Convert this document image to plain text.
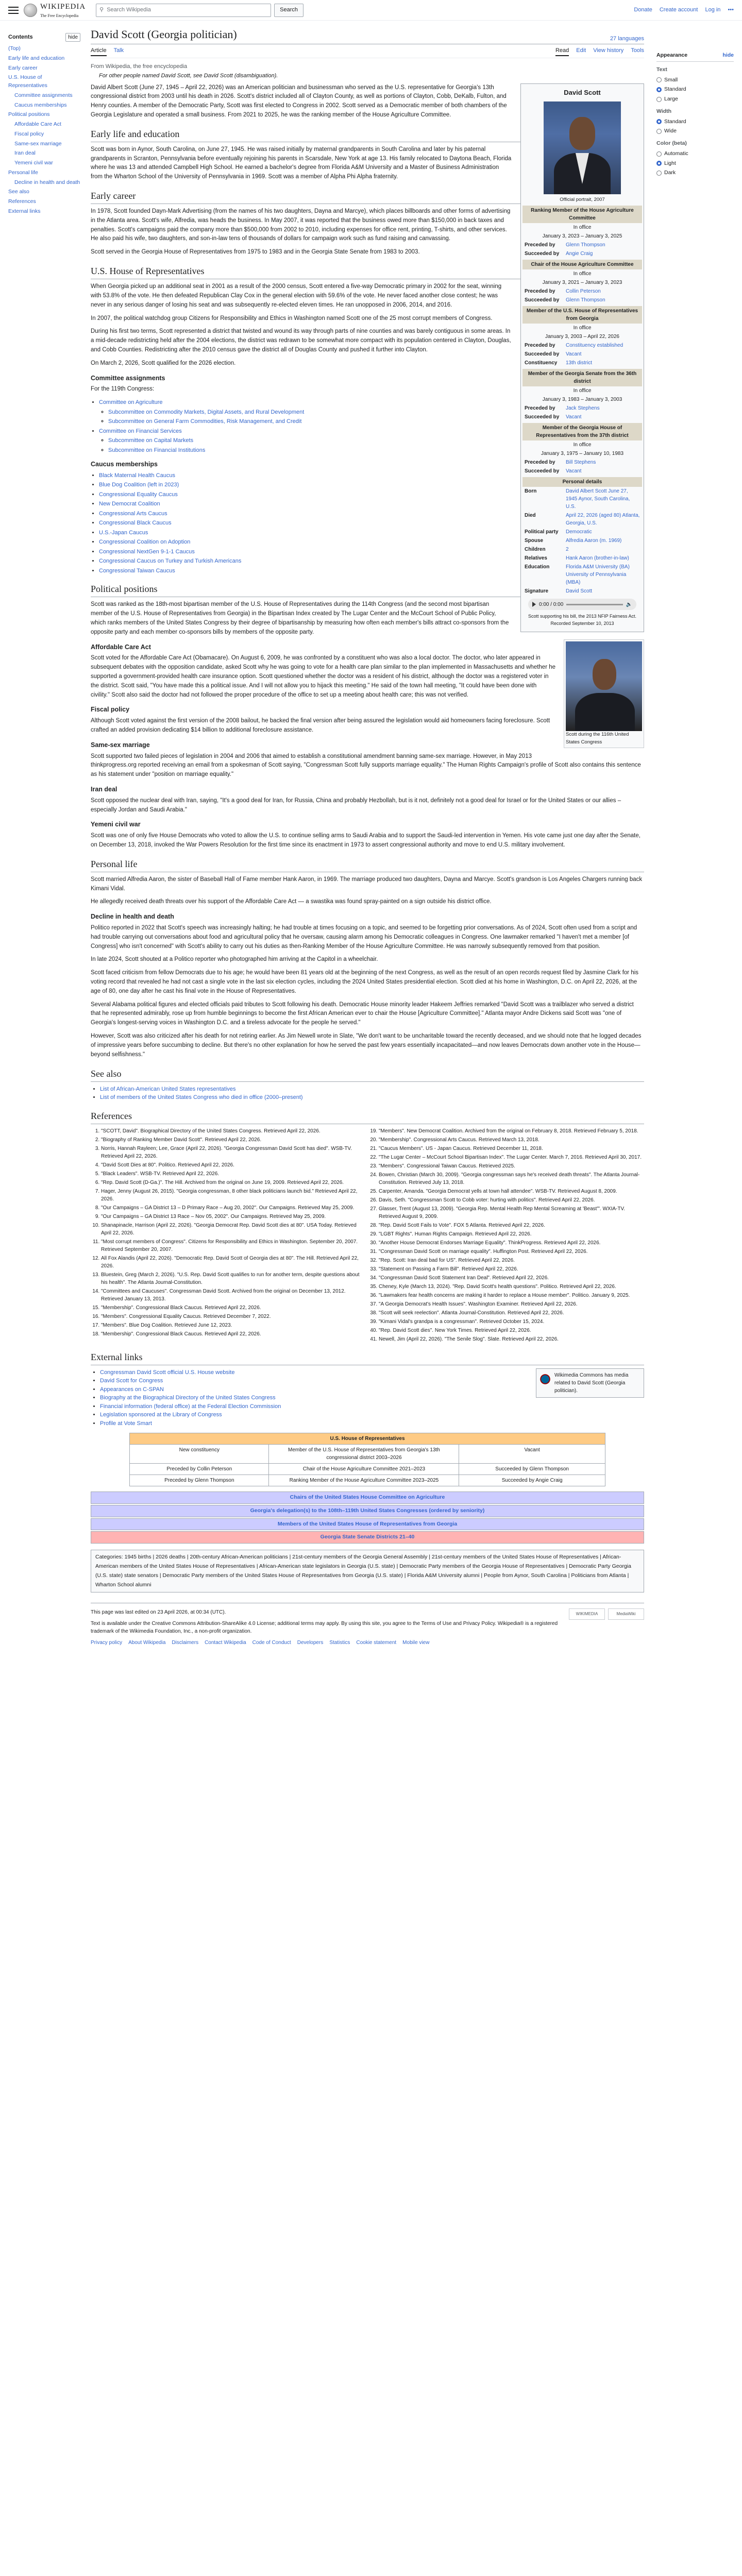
WIKIPEDIA
The Free Encyclopedia
⚲ Search Wikipedia	Search	Donate Create account Log in •••
Contents	hide
(Top)
Early life and education
Early career
U.S. House of Representatives
Committee assignments
Caucus memberships
Political positions
Affordable Care Act
Fiscal policy
Same-sex marriage
Iran deal
Yemeni civil war
Personal life
Decline in health and death
See also
References
External links
David Scott (Georgia politician)	27 languages
Article Talk	Read Edit View history Tools
From Wikipedia, the free encyclopedia
For other people named David Scott, see David Scott (disambiguation).
David Scott
Official portrait, 2007
Ranking Member of the House Agriculture Committee
In office
January 3, 2023 – January 3, 2025
Preceded by	Glenn Thompson
Succeeded by	Angie Craig
Chair of the House Agriculture Committee
In office
January 3, 2021 – January 3, 2023
Preceded by	Collin Peterson
Succeeded by	Glenn Thompson
Member of the U.S. House of Representatives from Georgia
In office
January 3, 2003 – April 22, 2026
Preceded by	Constituency established
Succeeded by	Vacant
Constituency	13th district
Member of the Georgia Senate from the 36th district
In office
January 3, 1983 – January 3, 2003
Preceded by	Jack Stephens
Succeeded by	Vacant
Member of the Georgia House of Representatives from the 37th district
In office
January 3, 1975 – January 10, 1983
Preceded by	Bill Stephens
Succeeded by	Vacant
Personal details
Born	David Albert Scott June 27, 1945 Aynor, South Carolina, U.S.
Died	April 22, 2026 (aged 80) Atlanta, Georgia, U.S.
Political party	Democratic
Spouse	Alfredia Aaron (m. 1969)
Children	2
Relatives	Hank Aaron (brother-in-law)
Education	Florida A&M University (BA) University of Pennsylvania (MBA)
Signature	David Scott
0:00 / 0:00	🔈
Scott supporting his bill, the 2013 NFIP Fairness Act. Recorded September 10, 2013

David Albert Scott (June 27, 1945 – April 22, 2026) was an American politician and businessman who served as the U.S. representative for Georgia's 13th congressional district from 2003 until his death in 2026. Scott's district included all of Clayton County, as well as portions of Clayton, Cobb, DeKalb, Fulton, and Henry counties. A member of the Democratic Party, Scott was first elected to Congress in 2002. Scott served as a Democratic member of both chambers of the Georgia Legislature and operated a small business. From 2021 to 2025, he was the ranking member of the House Agriculture Committee.

Early life and education

Scott was born in Aynor, South Carolina, on June 27, 1945. He was raised initially by maternal grandparents in South Carolina and later by his paternal grandparents in Scranton, Pennsylvania before eventually rejoining his parents in Scarsdale, New York at age 13. His family relocated to Daytona Beach, Florida where he was 13 and attended Campbell High School. He earned a bachelor's degree from Florida A&M University and a Master of Business Administration from the Wharton School of the University of Pennsylvania in 1969. Scott was a member of Alpha Phi Alpha fraternity.

Early career

In 1978, Scott founded Dayn-Mark Advertising (from the names of his two daughters, Dayna and Marcye), which places billboards and other forms of advertising in the Atlanta area. Scott's wife, Alfredia, was heads the business. In May 2007, it was reported that the business owed more than $150,000 in back taxes and penalties. Scott's campaigns paid the company more than $500,000 from 2002 to 2010, including expenses for office rent, printing, T-shirts, and other services. He also paid his wife, two daughters, and son-in-law tens of thousands of dollars for campaign work such as fund raising and canvassing.

Scott served in the Georgia House of Representatives from 1975 to 1983 and in the Georgia State Senate from 1983 to 2003.

U.S. House of Representatives

When Georgia picked up an additional seat in 2001 as a result of the 2000 census, Scott entered a five-way Democratic primary in 2002 for the seat, winning with 53.8% of the vote. He then defeated Republican Clay Cox in the general election with 59.6% of the vote. He never faced another close contest; he was never in any serious danger of losing his seat and was subsequently re-elected eleven times. He ran unopposed in 2006, 2014, and 2016.

In 2007, the political watchdog group Citizens for Responsibility and Ethics in Washington named Scott one of the 25 most corrupt members of Congress.

During his first two terms, Scott represented a district that twisted and wound its way through parts of nine counties and was barely contiguous in some areas. In a mid-decade redistricting held after the 2004 elections, the district was redrawn to be somewhat more compact with its population centered in Clayton, Douglas, and Cobb Counties. Redistricting after the 2010 census gave the district all of Douglas County and pushed it further into Clayton.

On March 2, 2026, Scott qualified for the 2026 election.

Committee assignments

For the 119th Congress:

• Committee on Agriculture
◦ Subcommittee on Commodity Markets, Digital Assets, and Rural Development
◦ Subcommittee on General Farm Commodities, Risk Management, and Credit
• Committee on Financial Services
◦ Subcommittee on Capital Markets
◦ Subcommittee on Financial Institutions
Scott during the 116th United States Congress
Caucus memberships
• Black Maternal Health Caucus
• Blue Dog Coalition (left in 2023)
• Congressional Equality Caucus
• New Democrat Coalition
• Congressional Arts Caucus
• Congressional Black Caucus
• U.S.-Japan Caucus
• Congressional Coalition on Adoption
• Congressional NextGen 9-1-1 Caucus
• Congressional Caucus on Turkey and Turkish Americans
• Congressional Taiwan Caucus
Political positions

Scott was ranked as the 18th-most bipartisan member of the U.S. House of Representatives during the 114th Congress (and the second most bipartisan member of the U.S. House of Representatives from Georgia) in the Bipartisan Index created by The Lugar Center and the McCourt School of Public Policy, which ranks members of the United States Congress by their degree of bipartisanship by measuring how often each member's bills attract co-sponsors from the opposite party and each member co-sponsors bills by members of the opposite party.

Affordable Care Act

Scott voted for the Affordable Care Act (Obamacare). On August 6, 2009, he was confronted by a constituent who was also a local doctor. The doctor, who later appeared in subsequent debates with the opposition candidate, asked Scott why he was going to vote for a health care plan similar to the plan implemented in Massachusetts and whether he supported a government-provided health care insurance option. Scott questioned whether the doctor was a resident of his district, although the doctor was a registered voter in the district. Scott said, "You have made this a political issue. And I will not allow you to hijack this meeting." He said of the town hall meeting, "It could have been done with civility." Scott also said the doctor had not followed the proper procedure of the office to set up a meeting about health care; this was not verified.

Fiscal policy

Although Scott voted against the first version of the 2008 bailout, he backed the final version after being assured the legislation would aid homeowners facing foreclosure. Scott crafted an added provision dedicating $14 billion to additional foreclosure assistance.

Same-sex marriage

Scott supported two failed pieces of legislation in 2004 and 2006 that aimed to establish a constitutional amendment banning same-sex marriage. However, in May 2013 thinkprogress.org reported receiving an email from a spokesman of Scott saying, "Congressman Scott fully supports marriage equality." The Human Rights Campaign's profile of Scott also contains this sentence as his statement under "position on marriage equality."

Iran deal

Scott opposed the nuclear deal with Iran, saying, "It's a good deal for Iran, for Russia, China and probably Hezbollah, but is it not, definitely not a good deal for Israel or for the United States or our allies – especially Jordan and Saudi Arabia."

Yemeni civil war

Scott was one of only five House Democrats who voted to allow the U.S. to continue selling arms to Saudi Arabia and to support the Saudi-led intervention in Yemen. His vote came just one day after the Senate, on December 13, 2018, invoked the War Powers Resolution for the first time since its enactment in 1973 to assert congressional authority and move to end U.S. military involvement.

Personal life

Scott married Alfredia Aaron, the sister of Baseball Hall of Fame member Hank Aaron, in 1969. The marriage produced two daughters, Dayna and Marcye. Scott's grandson is Los Angeles Chargers running back Kimani Vidal.

He allegedly received death threats over his support of the Affordable Care Act — a swastika was found spray-painted on a sign outside his district office.

Decline in health and death

Politico reported in 2022 that Scott's speech was increasingly halting; he had trouble at times focusing on a topic, and seemed to be forgetting prior conversations. As of 2024, Scott often used from a script and had trouble carrying out conversations about food and agricultural policy that he oversaw, causing alarm among his Democratic colleagues in Congress. One lawmaker remarked "I haven't met a member [of Congress] who isn't concerned" with Scott's ability to carry out his duties as then-Ranking Member of the House Agriculture Committee. He was narrowly subsequently removed from that position.

In late 2024, Scott shouted at a Politico reporter who photographed him arriving at the Capitol in a wheelchair.

Scott faced criticism from fellow Democrats due to his age; he would have been 81 years old at the beginning of the next Congress, as well as the result of an open records request filed by Jasmine Clark for his voting record that revealed he had not cast a single vote in the last six election cycles, including the 2024 United States presidential election. Scott died at his home in Washington, D.C. on April 22, 2026, at the age of 80, one day after he cast his final vote in the House of Representatives.

Several Alabama political figures and elected officials paid tributes to Scott following his death. Democratic House minority leader Hakeem Jeffries remarked "David Scott was a trailblazer who served a district that he represented admirably, rose up from humble beginnings to become the first African American ever to chair the House [Agriculture Committee]." Atlanta mayor Andre Dickens said Scott was "one of Georgia's longest-serving voices in Washington D.C. and a tireless advocate for the people he served."

However, Scott was also criticized after his death for not retiring earlier. As Jim Newell wrote in Slate, "We don't want to be uncharitable toward the recently deceased, and we should note that he logged decades of impressive years before succumbing to decline. But there's no other explanation for how he served the past few years essentially incapacitated—and now leaves Democrats down another vote in the House—beyond selfishness."

See also
• List of African-American United States representatives
• List of members of the United States Congress who died in office (2000–present)
References
1. "SCOTT, David". Biographical Directory of the United States Congress. Retrieved April 22, 2026.
2. "Biography of Ranking Member David Scott". Retrieved April 22, 2026.
3. Norris, Hannah Rayleen; Lee, Grace (April 22, 2026). "Georgia Congressman David Scott has died". WSB-TV. Retrieved April 22, 2026.
4. "David Scott Dies at 80". Politico. Retrieved April 22, 2026.
5. "Black Leaders". WSB-TV. Retrieved April 22, 2026.
6. "Rep. David Scott (D-Ga.)". The Hill. Archived from the original on June 19, 2009. Retrieved April 22, 2026.
7. Hager, Jenny (August 26, 2015). "Georgia congressman, 8 other black politicians launch bid." Retrieved April 22, 2026.
8. "Our Campaigns – GA District 13 – D Primary Race – Aug 20, 2002". Our Campaigns. Retrieved May 25, 2009.
9. "Our Campaigns – GA District 13 Race – Nov 05, 2002". Our Campaigns. Retrieved May 25, 2009.
10. Shanapinacle, Harrison (April 22, 2026). "Georgia Democrat Rep. David Scott dies at 80". USA Today. Retrieved April 22, 2026.
11. "Most corrupt members of Congress". Citizens for Responsibility and Ethics in Washington. September 20, 2007. Retrieved September 20, 2007.
12. All Fox Alandis (April 22, 2026). "Democratic Rep. David Scott of Georgia dies at 80". The Hill. Retrieved April 22, 2026.
13. Bluestein, Greg (March 2, 2026). "U.S. Rep. David Scott qualifies to run for another term, despite questions about his health". The Atlanta Journal-Constitution.
14. "Committees and Caucuses". Congressman David Scott. Archived from the original on December 13, 2012. Retrieved January 13, 2013.
15. "Membership". Congressional Black Caucus. Retrieved April 22, 2026.
16. "Members". Congressional Equality Caucus. Retrieved December 7, 2022.
17. "Members". Blue Dog Coalition. Retrieved June 12, 2023.
18. "Membership". Congressional Black Caucus. Retrieved April 22, 2026.
19. "Members". New Democrat Coalition. Archived from the original on February 8, 2018. Retrieved February 5, 2018.
20. "Membership". Congressional Arts Caucus. Retrieved March 13, 2018.
21. "Caucus Members". US - Japan Caucus. Retrieved December 11, 2018.
22. "The Lugar Center – McCourt School Bipartisan Index". The Lugar Center. March 7, 2016. Retrieved April 30, 2017.
23. "Members". Congressional Taiwan Caucus. Retrieved 2025.
24. Bowen, Christian (March 30, 2009). "Georgia congressman says he's received death threats". The Atlanta Journal-Constitution. Retrieved July 13, 2018.
25. Carpenter, Amanda. "Georgia Democrat yells at town hall attendee". WSB-TV. Retrieved August 8, 2009.
26. Davis, Seth. "Congressman Scott to Cobb voter: hurting with politics". Retrieved April 22, 2026.
27. Glasser, Trent (August 13, 2009). "Georgia Rep. Mental Health Rep Mental Screaming at 'Beast'". WXIA-TV. Retrieved August 9, 2009.
28. "Rep. David Scott Fails to Vote". FOX 5 Atlanta. Retrieved April 22, 2026.
29. "LGBT Rights". Human Rights Campaign. Retrieved April 22, 2026.
30. "Another House Democrat Endorses Marriage Equality". ThinkProgress. Retrieved April 22, 2026.
31. "Congressman David Scott on marriage equality". Huffington Post. Retrieved April 22, 2026.
32. "Rep. Scott: Iran deal bad for US". Retrieved April 22, 2026.
33. "Statement on Passing a Farm Bill". Retrieved April 22, 2026.
34. "Congressman David Scott Statement Iran Deal". Retrieved April 22, 2026.
35. Cheney, Kyle (March 13, 2024). "Rep. David Scott's health questions". Politico. Retrieved April 22, 2026.
36. "Lawmakers fear health concerns are making it harder to replace a House member". Politico. January 9, 2025.
37. "A Georgia Democrat's Health Issues". Washington Examiner. Retrieved April 22, 2026.
38. "Scott will seek reelection". Atlanta Journal-Constitution. Retrieved April 22, 2026.
39. "Kimani Vidal's grandpa is a congressman". Retrieved October 15, 2024.
40. "Rep. David Scott dies". New York Times. Retrieved April 22, 2026.
41. Newell, Jim (April 22, 2026). "The Senile Slog". Slate. Retrieved April 22, 2026.
External links
Wikimedia Commons has media related to David Scott (Georgia politician).
• Congressman David Scott official U.S. House website
• David Scott for Congress
• Appearances on C-SPAN
• Biography at the Biographical Directory of the United States Congress
• Financial information (federal office) at the Federal Election Commission
• Legislation sponsored at the Library of Congress
• Profile at Vote Smart
U.S. House of Representatives		
New constituency	Member of the U.S. House of Representatives from Georgia's 13th congressional district 2003–2026	Vacant
Preceded by Collin Peterson	Chair of the House Agriculture Committee 2021–2023	Succeeded by Glenn Thompson
Preceded by Glenn Thompson	Ranking Member of the House Agriculture Committee 2023–2025	Succeeded by Angie Craig
Chairs of the United States House Committee on Agriculture
Georgia's delegation(s) to the 108th–119th United States Congresses (ordered by seniority)
Members of the United States House of Representatives from Georgia
Georgia State Senate Districts 21–40
Categories: 1945 births | 2026 deaths | 20th-century African-American politicians | 21st-century members of the Georgia General Assembly | 21st-century members of the United States House of Representatives | African-American members of the United States House of Representatives | African-American state legislators in Georgia (U.S. state) | Democratic Party members of the Georgia House of Representatives | Democratic Party Georgia (U.S. state) state senators | Democratic Party members of the United States House of Representatives from Georgia (U.S. state) | Florida A&M University alumni | People from Aynor, South Carolina | Politicians from Atlanta | Wharton School alumni
WIKIMEDIA	MediaWiki

This page was last edited on 23 April 2026, at 00:34 (UTC).

Text is available under the Creative Commons Attribution-ShareAlike 4.0 License; additional terms may apply. By using this site, you agree to the Terms of Use and Privacy Policy. Wikipedia® is a registered trademark of the Wikimedia Foundation, Inc., a non-profit organization.

Privacy policy About Wikipedia Disclaimers Contact Wikipedia Code of Conduct Developers Statistics Cookie statement Mobile view
Appearance	hide
Text
Small
Standard
Large
Width
Standard
Wide
Color (beta)
Automatic
Light
Dark
